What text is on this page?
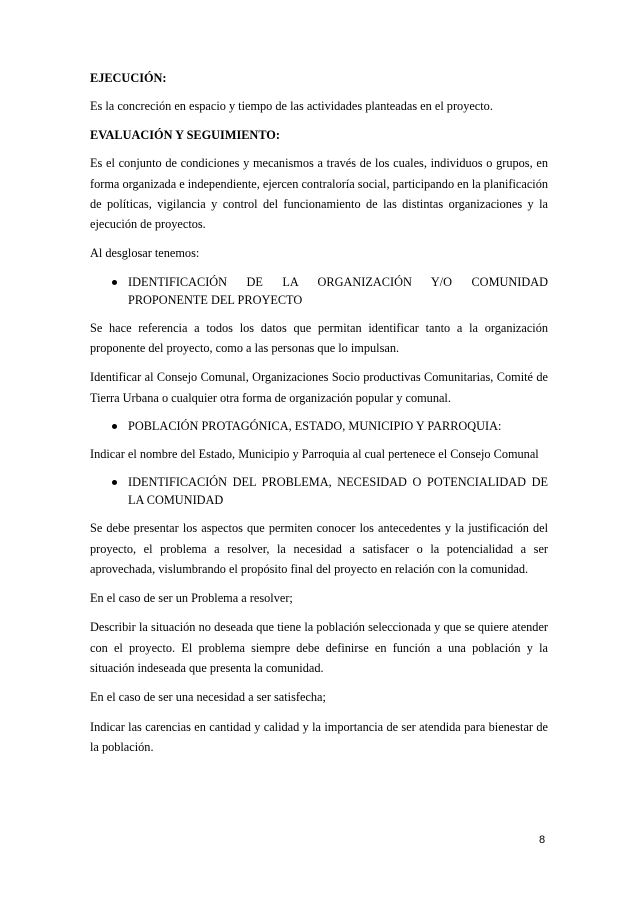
EJECUCIÓN:

Es la concreción en espacio y tiempo de las actividades planteadas en el proyecto.

EVALUACIÓN Y SEGUIMIENTO:

Es el conjunto de condiciones y mecanismos a través de los cuales, individuos o grupos, en forma organizada e independiente, ejercen contraloría social, participando en la planificación de políticas, vigilancia y control del funcionamiento de las distintas organizaciones y la ejecución de proyectos.

Al desglosar tenemos:

IDENTIFICACIÓN DE LA ORGANIZACIÓN Y/O COMUNIDAD PROPONENTE DEL PROYECTO

Se hace referencia a todos los datos que permitan identificar tanto a la organización proponente del proyecto, como a las personas que lo impulsan.

Identificar al Consejo Comunal, Organizaciones Socio productivas Comunitarias, Comité de Tierra Urbana o cualquier otra forma de organización popular y comunal.

POBLACIÓN PROTAGÓNICA, ESTADO, MUNICIPIO Y PARROQUIA:

Indicar el nombre del Estado, Municipio y Parroquia al cual pertenece el Consejo Comunal

IDENTIFICACIÓN DEL PROBLEMA, NECESIDAD O POTENCIALIDAD DE LA COMUNIDAD

Se debe presentar los aspectos que permiten conocer los antecedentes y la justificación del proyecto, el problema a resolver, la necesidad a satisfacer o la potencialidad a ser aprovechada, vislumbrando el propósito final del proyecto en relación con la comunidad.

En el caso de ser un Problema a resolver;

Describir la situación no deseada que tiene la población seleccionada y que se quiere atender con el proyecto. El problema siempre debe definirse en función a una población y la situación indeseada que presenta la comunidad.

En el caso de ser una necesidad a ser satisfecha;

Indicar las carencias en cantidad y calidad y la importancia de ser atendida para bienestar de la población.

8
